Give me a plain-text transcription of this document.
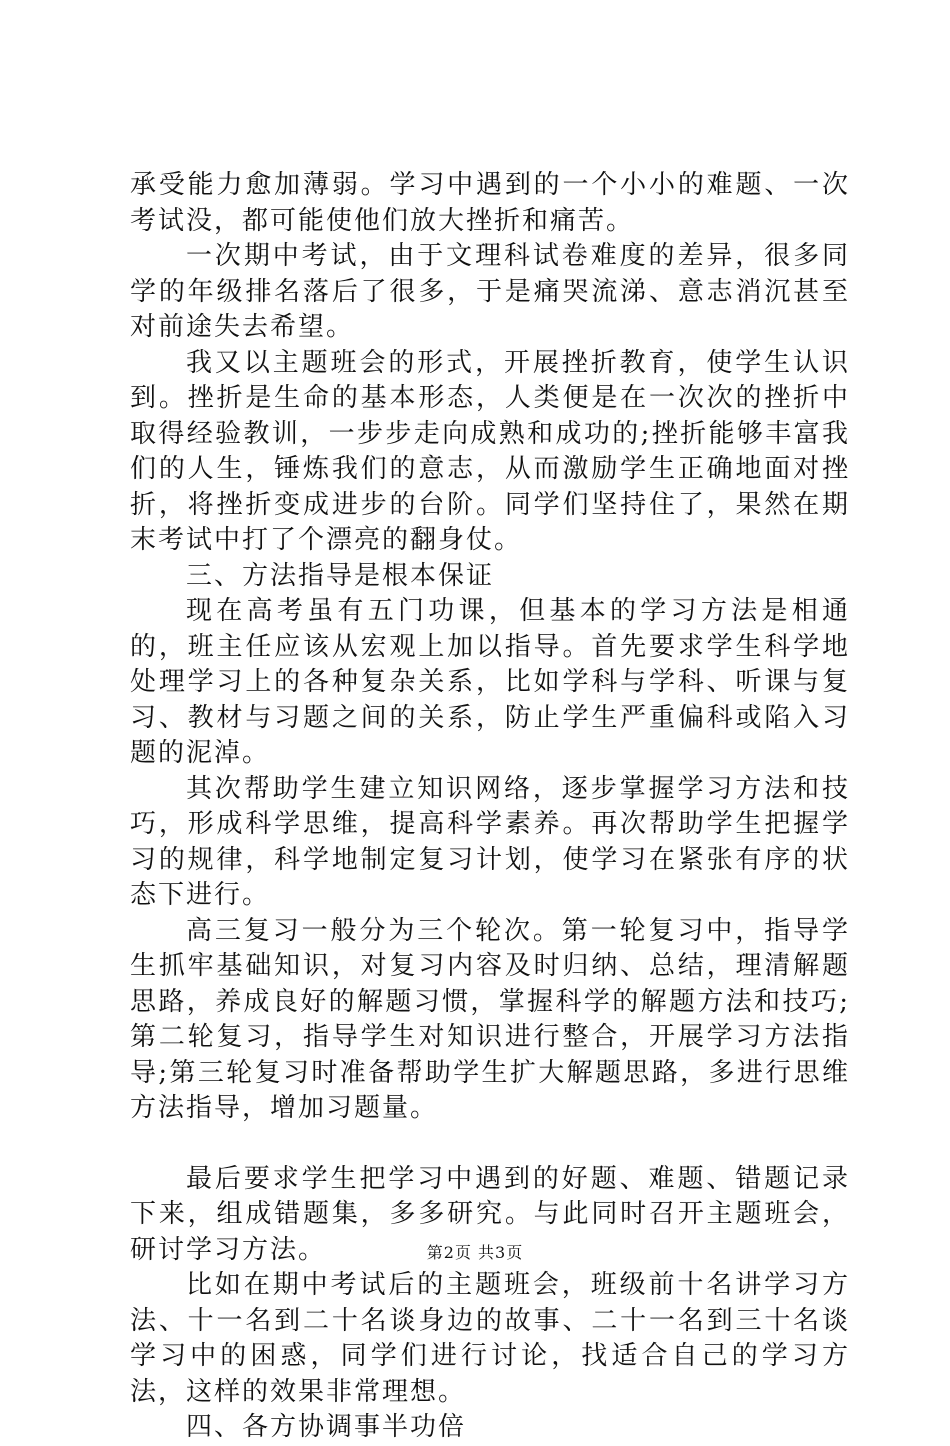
承受能力愈加薄弱。学习中遇到的一个小小的难题、一次考试没，都可能使他们放大挫折和痛苦。

一次期中考试，由于文理科试卷难度的差异，很多同学的年级排名落后了很多，于是痛哭流涕、意志消沉甚至对前途失去希望。

我又以主题班会的形式，开展挫折教育，使学生认识到。挫折是生命的基本形态，人类便是在一次次的挫折中取得经验教训，一步步走向成熟和成功的;挫折能够丰富我们的人生，锤炼我们的意志，从而激励学生正确地面对挫折，将挫折变成进步的台阶。同学们坚持住了，果然在期末考试中打了个漂亮的翻身仗。

三、方法指导是根本保证

现在高考虽有五门功课，但基本的学习方法是相通的，班主任应该从宏观上加以指导。首先要求学生科学地处理学习上的各种复杂关系，比如学科与学科、听课与复习、教材与习题之间的关系，防止学生严重偏科或陷入习题的泥淖。

其次帮助学生建立知识网络，逐步掌握学习方法和技巧，形成科学思维，提高科学素养。再次帮助学生把握学习的规律，科学地制定复习计划，使学习在紧张有序的状态下进行。

高三复习一般分为三个轮次。第一轮复习中，指导学生抓牢基础知识，对复习内容及时归纳、总结，理清解题思路，养成良好的解题习惯，掌握科学的解题方法和技巧;第二轮复习，指导学生对知识进行整合，开展学习方法指导;第三轮复习时准备帮助学生扩大解题思路，多进行思维方法指导，增加习题量。

最后要求学生把学习中遇到的好题、难题、错题记录下来，组成错题集，多多研究。与此同时召开主题班会，研讨学习方法。

比如在期中考试后的主题班会，班级前十名讲学习方法、十一名到二十名谈身边的故事、二十一名到三十名谈学习中的困惑，同学们进行讨论，找适合自己的学习方法，这样的效果非常理想。

四、各方协调事半功倍

第2页 共3页
